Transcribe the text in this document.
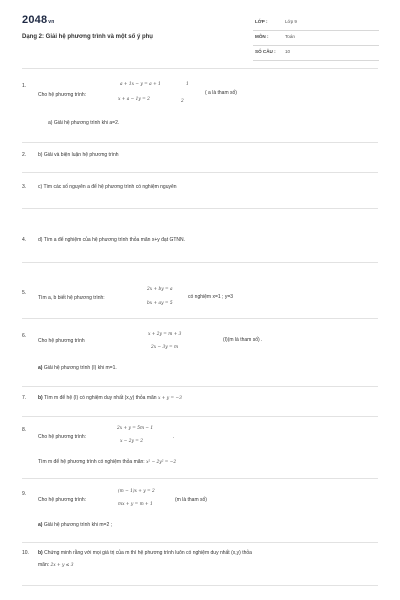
2048vn
Dạng 2: Giải hệ phương trình và một số ý phụ
LỚP :	Lớp 9
MÔN :	Toán
SỐ CÂU : 10
1.
Cho hệ phương trình:
a + 1x − y = a + 1	1
x + a − 1y = 2	2
( a là tham số)
a) Giải hệ phương trình khi a=2.
2. b) Giải và biện luận hệ phương trình
3. c) Tìm các số nguyên a để hệ phương trình có nghiệm nguyên
4. d) Tìm a để nghiệm của hệ phương trình thỏa mãn x+y đạt GTNN.
5.
Tìm a, b biết hệ phương trình:
2x + by = a
bx + ay = 5
có nghiệm x=1 ; y=3
6.
Cho hệ phương trình
x + 2y = m + 3
2x − 3y = m
(I)(m là tham số) .
a) Giải hệ phương trình (I) khi m=1.
7. b) Tìm m để hệ (I) có nghiệm duy nhất (x,y) thỏa mãn x + y = −3
8.
Cho hệ phương trình:
2x + y = 5m − 1
x − 2y = 2
.
Tìm m để hệ phương trình có nghiệm thỏa mãn: x² − 2y² = −2
9.
Cho hệ phương trình:
(m − 1)x + y = 2
mx + y = m + 1
(m là tham số)
a) Giải hệ phương trình khi m=2 ;
10. b) Chứng minh rằng với mọi giá trị của m thì hệ phương trình luôn có nghiệm duy nhất (x,y) thỏa
mãn: 2x + y ≤ 3
